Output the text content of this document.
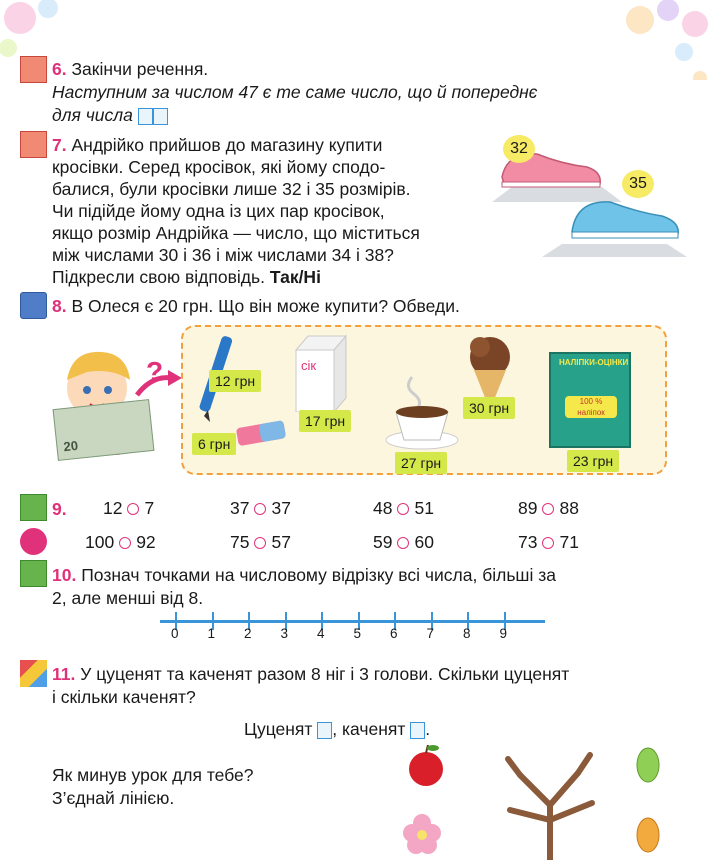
6. Закінчи речення.
Наступним за числом 47 є те саме число, що й попереднє
для числа
7. Андрійко прийшов до магазину купити
кросівки. Серед кросівок, які йому сподо-
балися, були кросівки лише 32 і 35 розмірів.
Чи підійде йому одна із цих пар кросівок,
якщо розмір Андрійка — число, що міститься
між числами 30 і 36 і між числами 34 і 38?
Підкресли свою відповідь. Так/Ні
32
35
8. В Олеся є 20 грн. Що він може купити? Обведи.
?
20
12 грн
6 грн
сік
17 грн
27 грн
30 грн
НАЛІПКИ-ОЦІНКИ
100 % наліпок
23 грн
9. 12 7	37 37	48 51	89 88
100 92	75 57	59 60	73 71
10. Познач точками на числовому відрізку всі числа, більші за
2, але менші від 8.
0 1 2 3 4 5 6 7 8 9
11. У цуценят та каченят разом 8 ніг і 3 голови. Скільки цуценят
і скільки каченят?
Цуценят , каченят .
Як минув урок для тебе?
З’єднай лінією.
